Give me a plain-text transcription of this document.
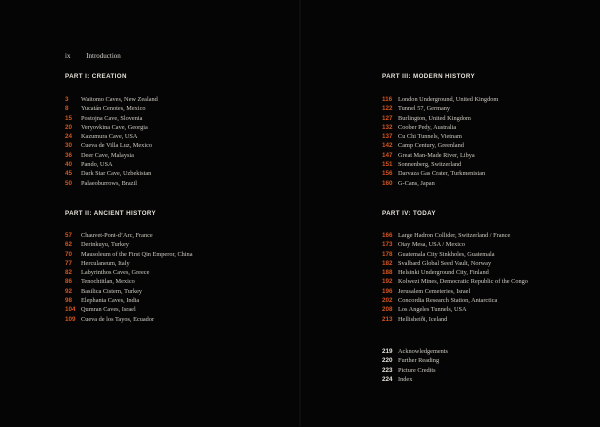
ix Introduction
PART I: CREATION
3 Waitomo Caves, New Zealand
8 Yucatán Cenotes, Mexico
15 Postojna Cave, Slovenia
20 Veryovkina Cave, Georgia
24 Kazumura Cave, USA
30 Cueva de Villa Luz, Mexico
36 Deer Cave, Malaysia
40 Pando, USA
45 Dark Star Cave, Uzbekistan
50 Palaeoburrows, Brazil
PART II: ANCIENT HISTORY
57 Chauvet-Pont-d’Arc, France
62 Derinkuyu, Turkey
70 Mausoleum of the First Qin Emperor, China
77 Herculaneum, Italy
82 Labyrinthos Caves, Greece
86 Tenochtitlan, Mexico
92 Basilica Cistern, Turkey
98 Elephanta Caves, India
104 Qumran Caves, Israel
109 Cueva de los Tayos, Ecuador
PART III: MODERN HISTORY
116 London Underground, United Kingdom
122 Tunnel 57, Germany
127 Burlington, United Kingdom
132 Coober Pedy, Australia
137 Cu Chi Tunnels, Vietnam
142 Camp Century, Greenland
147 Great Man-Made River, Libya
151 Sonnenberg, Switzerland
156 Darvaza Gas Crater, Turkmenistan
160 G-Cans, Japan
PART IV: TODAY
166 Large Hadron Collider, Switzerland / France
173 Otay Mesa, USA / Mexico
178 Guatemala City Sinkholes, Guatemala
182 Svalbard Global Seed Vault, Norway
188 Helsinki Underground City, Finland
192 Kolwezi Mines, Democratic Republic of the Congo
196 Jerusalem Cemeteries, Israel
202 Concordia Research Station, Antarctica
208 Los Angeles Tunnels, USA
213 Hellisheiði, Iceland
219 Acknowledgements
220 Further Reading
223 Picture Credits
224 Index
